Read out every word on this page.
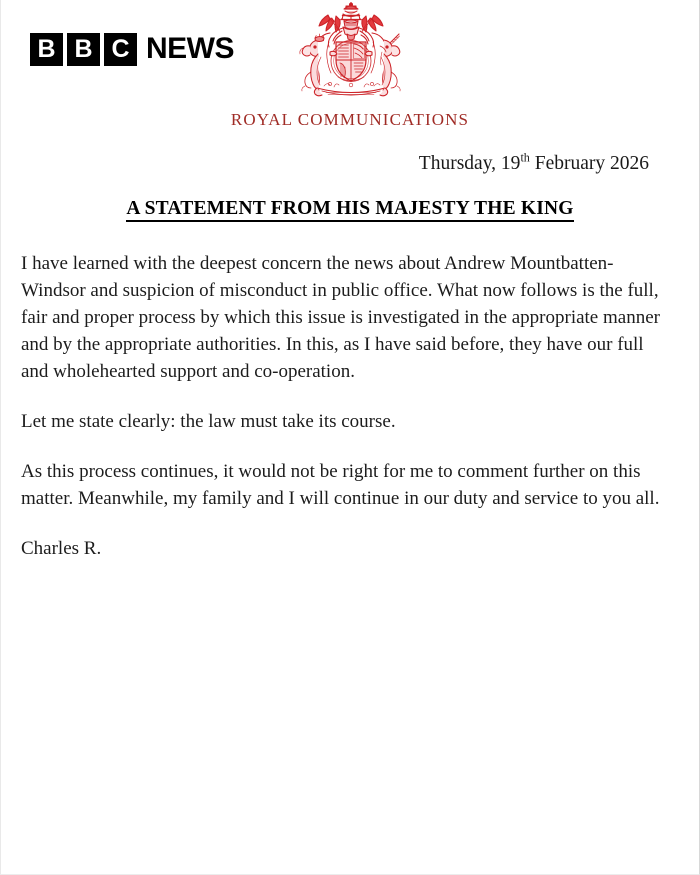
B B C NEWS
ROYAL COMMUNICATIONS
Thursday, 19th February 2026
A STATEMENT FROM HIS MAJESTY THE KING

I have learned with the deepest concern the news about Andrew Mountbatten-Windsor and suspicion of misconduct in public office. What now follows is the full, fair and proper process by which this issue is investigated in the appropriate manner and by the appropriate authorities. In this, as I have said before, they have our full and wholehearted support and co-operation.

Let me state clearly: the law must take its course.

As this process continues, it would not be right for me to comment further on this matter. Meanwhile, my family and I will continue in our duty and service to you all.

Charles R.
